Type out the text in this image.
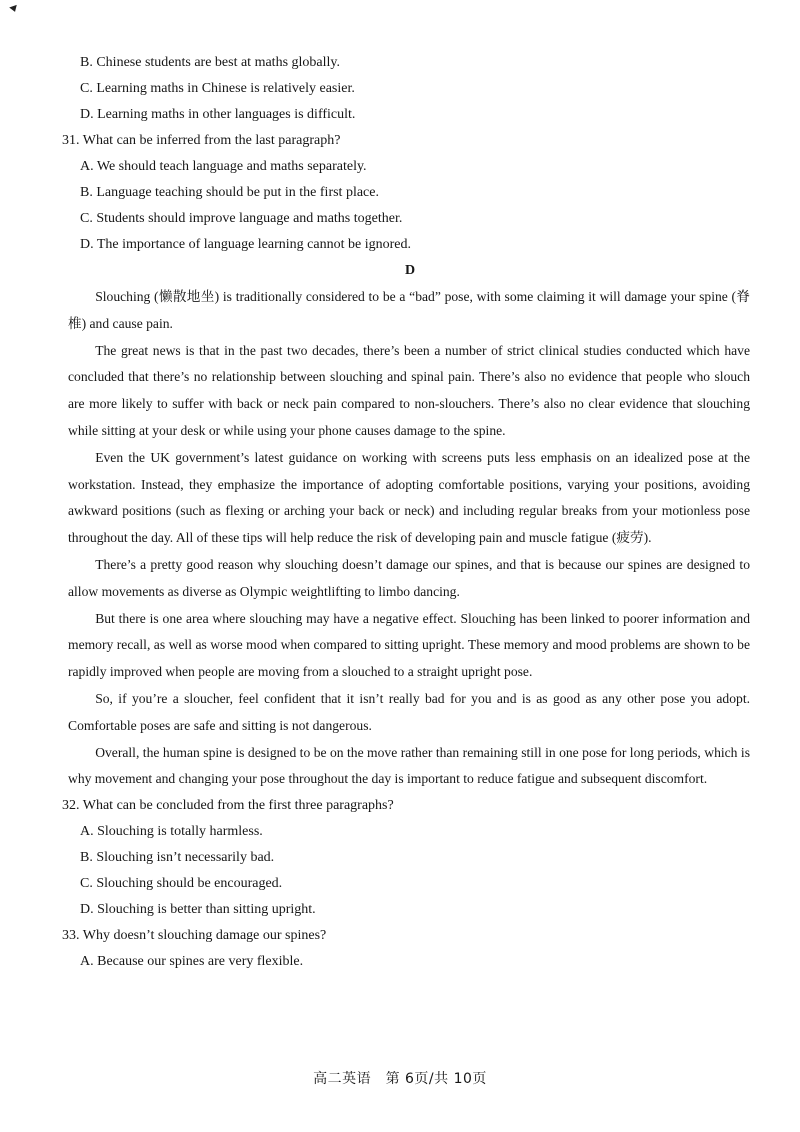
B. Chinese students are best at maths globally.
C. Learning maths in Chinese is relatively easier.
D. Learning maths in other languages is difficult.
31. What can be inferred from the last paragraph?
A. We should teach language and maths separately.
B. Language teaching should be put in the first place.
C. Students should improve language and maths together.
D. The importance of language learning cannot be ignored.
D

Slouching (懒散地坐) is traditionally considered to be a “bad” pose, with some claiming it will damage your spine (脊椎) and cause pain.

The great news is that in the past two decades, there’s been a number of strict clinical studies conducted which have concluded that there’s no relationship between slouching and spinal pain. There’s also no evidence that people who slouch are more likely to suffer with back or neck pain compared to non-slouchers. There’s also no clear evidence that slouching while sitting at your desk or while using your phone causes damage to the spine.

Even the UK government’s latest guidance on working with screens puts less emphasis on an idealized pose at the workstation. Instead, they emphasize the importance of adopting comfortable positions, varying your positions, avoiding awkward positions (such as flexing or arching your back or neck) and including regular breaks from your motionless pose throughout the day. All of these tips will help reduce the risk of developing pain and muscle fatigue (疲劳).

There’s a pretty good reason why slouching doesn’t damage our spines, and that is because our spines are designed to allow movements as diverse as Olympic weightlifting to limbo dancing.

But there is one area where slouching may have a negative effect. Slouching has been linked to poorer information and memory recall, as well as worse mood when compared to sitting upright. These memory and mood problems are shown to be rapidly improved when people are moving from a slouched to a straight upright pose.

So, if you’re a sloucher, feel confident that it isn’t really bad for you and is as good as any other pose you adopt. Comfortable poses are safe and sitting is not dangerous.

Overall, the human spine is designed to be on the move rather than remaining still in one pose for long periods, which is why movement and changing your pose throughout the day is important to reduce fatigue and subsequent discomfort.

32. What can be concluded from the first three paragraphs?
A. Slouching is totally harmless.
B. Slouching isn’t necessarily bad.
C. Slouching should be encouraged.
D. Slouching is better than sitting upright.
33. Why doesn’t slouching damage our spines?
A. Because our spines are very flexible.
高二英语　第 6页/共 10页
